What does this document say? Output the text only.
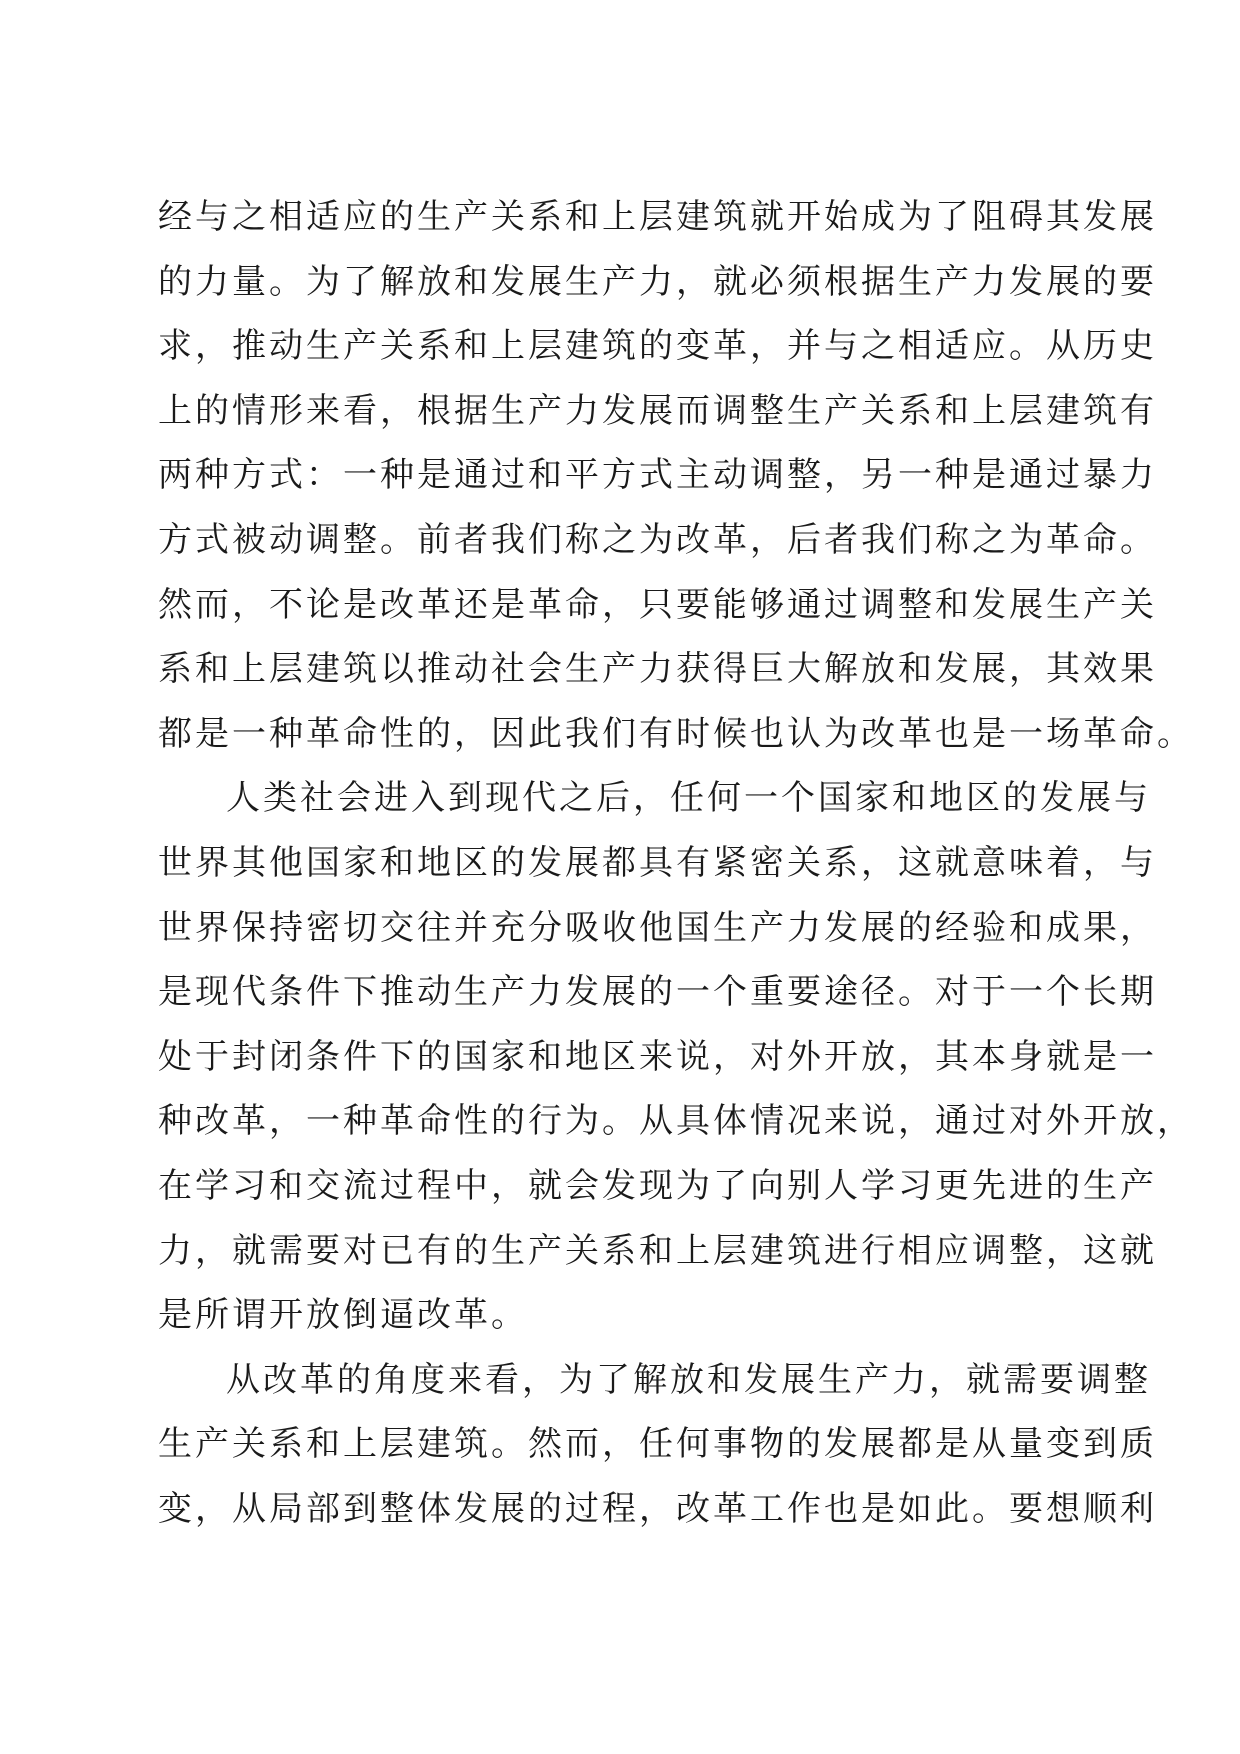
经与之相适应的生产关系和上层建筑就开始成为了阻碍其发展
的力量。为了解放和发展生产力，就必须根据生产力发展的要
求，推动生产关系和上层建筑的变革，并与之相适应。从历史
上的情形来看，根据生产力发展而调整生产关系和上层建筑有
两种方式：一种是通过和平方式主动调整，另一种是通过暴力
方式被动调整。前者我们称之为改革，后者我们称之为革命。
然而，不论是改革还是革命，只要能够通过调整和发展生产关
系和上层建筑以推动社会生产力获得巨大解放和发展，其效果
都是一种革命性的，因此我们有时候也认为改革也是一场革命。
人类社会进入到现代之后，任何一个国家和地区的发展与
世界其他国家和地区的发展都具有紧密关系，这就意味着，与
世界保持密切交往并充分吸收他国生产力发展的经验和成果，
是现代条件下推动生产力发展的一个重要途径。对于一个长期
处于封闭条件下的国家和地区来说，对外开放，其本身就是一
种改革，一种革命性的行为。从具体情况来说，通过对外开放，
在学习和交流过程中，就会发现为了向别人学习更先进的生产
力，就需要对已有的生产关系和上层建筑进行相应调整，这就
是所谓开放倒逼改革。
从改革的角度来看，为了解放和发展生产力，就需要调整
生产关系和上层建筑。然而，任何事物的发展都是从量变到质
变，从局部到整体发展的过程，改革工作也是如此。要想顺利
